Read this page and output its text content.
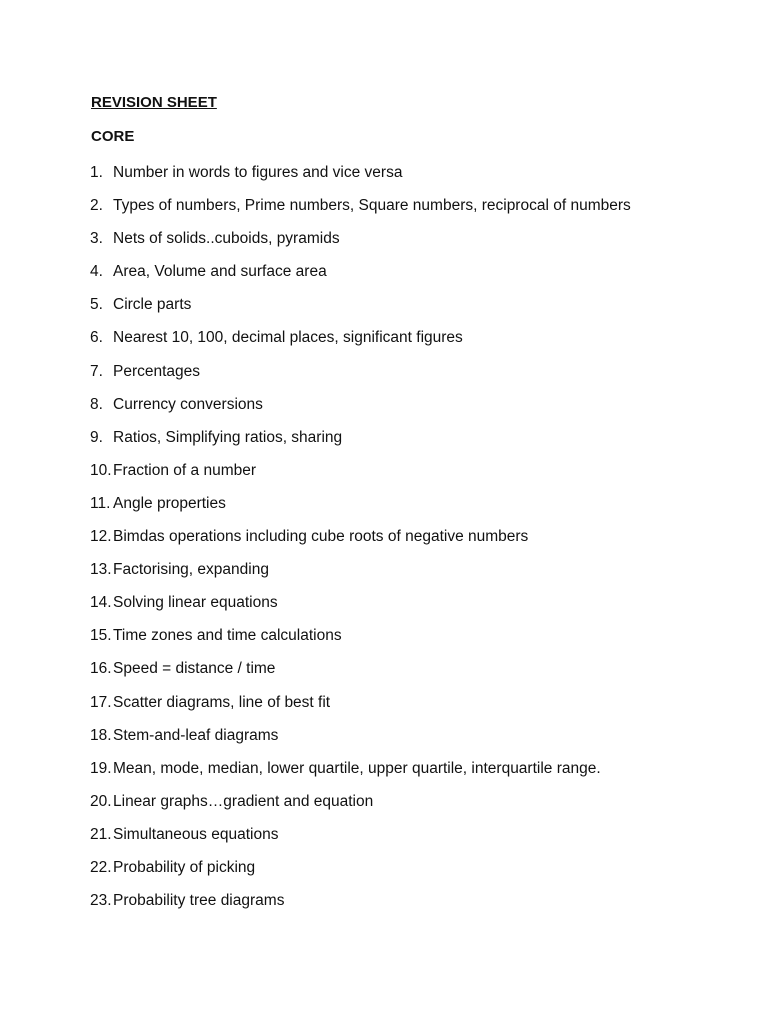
REVISION SHEET
CORE
1. Number in words to figures and vice versa
2. Types of numbers, Prime numbers, Square numbers, reciprocal of numbers
3. Nets of solids..cuboids, pyramids
4. Area, Volume and surface area
5. Circle parts
6. Nearest 10, 100, decimal places, significant figures
7. Percentages
8. Currency conversions
9. Ratios, Simplifying ratios, sharing
10. Fraction of a number
11. Angle properties
12. Bimdas operations including cube roots of negative numbers
13. Factorising, expanding
14. Solving linear equations
15. Time zones and time calculations
16. Speed = distance / time
17. Scatter diagrams, line of best fit
18. Stem-and-leaf diagrams
19. Mean, mode, median, lower quartile, upper quartile, interquartile range.
20. Linear graphs…gradient and equation
21. Simultaneous equations
22. Probability of picking
23. Probability tree diagrams
